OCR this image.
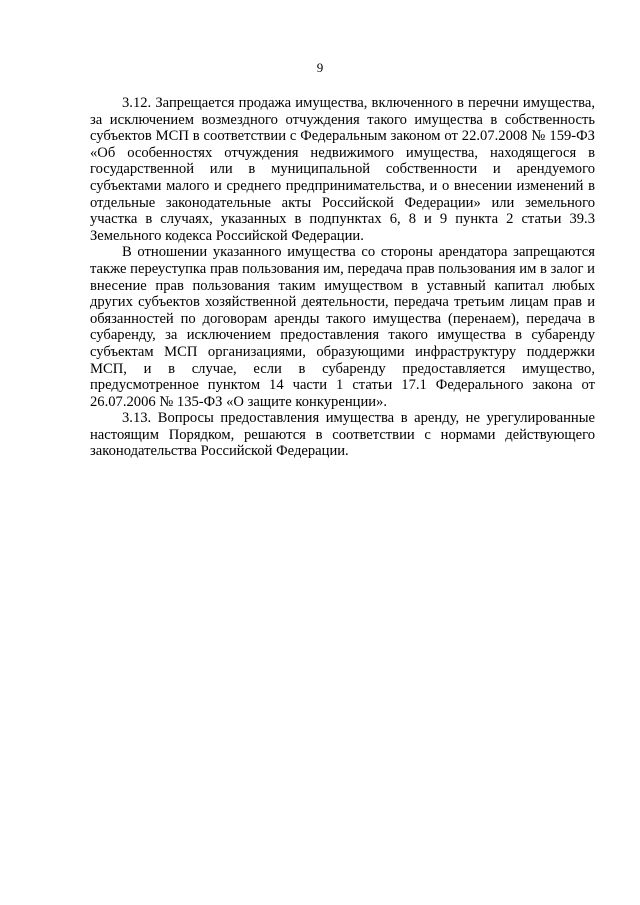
9

3.12. Запрещается продажа имущества, включенного в перечни имущества, за исключением возмездного отчуждения такого имущества в собственность субъектов МСП в соответствии с Федеральным законом от 22.07.2008 № 159-ФЗ «Об особенностях отчуждения недвижимого имущества, находящегося в государственной или в муниципальной собственности и арендуемого субъектами малого и среднего предпринимательства, и о внесении изменений в отдельные законодательные акты Российской Федерации» или земельного участка в случаях, указанных в подпунктах 6, 8 и 9 пункта 2 статьи 39.3 Земельного кодекса Российской Федерации.

В отношении указанного имущества со стороны арендатора запрещаются также переуступка прав пользования им, передача прав пользования им в залог и внесение прав пользования таким имуществом в уставный капитал любых других субъектов хозяйственной деятельности, передача третьим лицам прав и обязанностей по договорам аренды такого имущества (перенаем), передача в субаренду, за исключением предоставления такого имущества в субаренду субъектам МСП организациями, образующими инфраструктуру поддержки МСП, и в случае, если в субаренду предоставляется имущество, предусмотренное пунктом 14 части 1 статьи 17.1 Федерального закона от 26.07.2006 № 135-ФЗ «О защите конкуренции».

3.13. Вопросы предоставления имущества в аренду, не урегулированные настоящим Порядком, решаются в соответствии с нормами действующего законодательства Российской Федерации.
